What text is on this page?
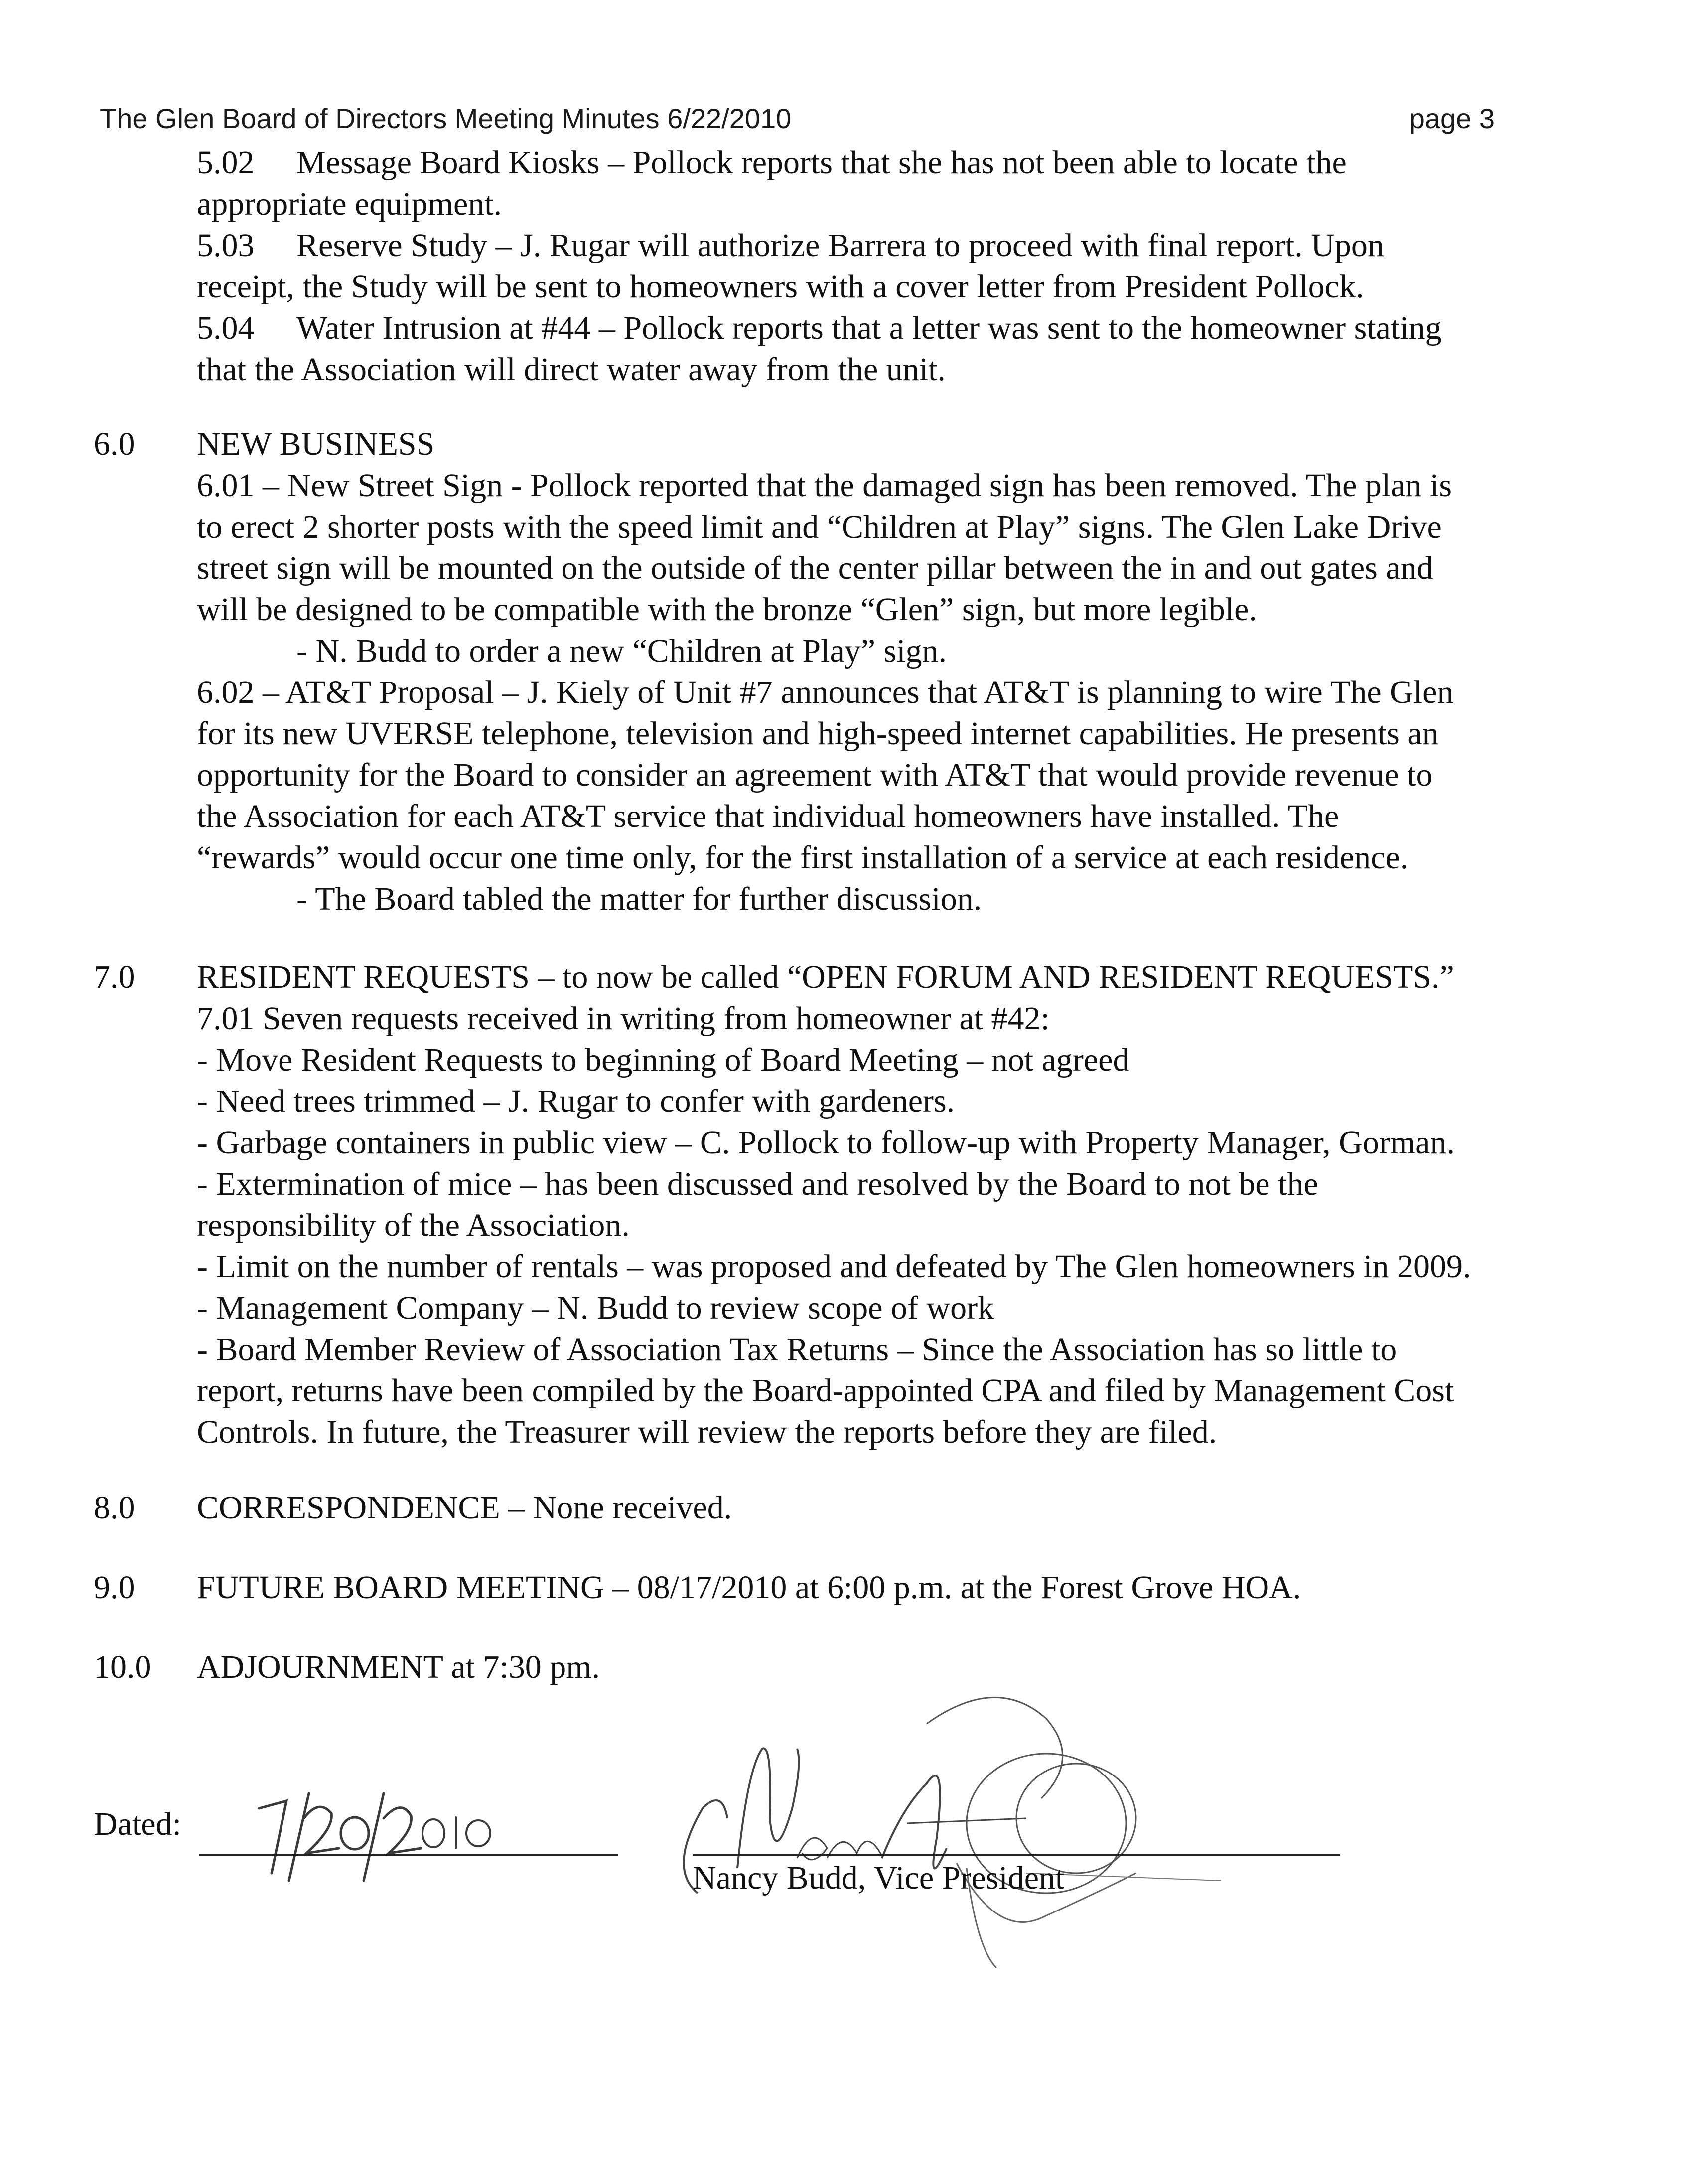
The Glen Board of Directors Meeting Minutes 6/22/2010	page 3
5.02 Message Board Kiosks – Pollock reports that she has not been able to locate the
appropriate equipment.
5.03 Reserve Study – J. Rugar will authorize Barrera to proceed with final report. Upon
receipt, the Study will be sent to homeowners with a cover letter from President Pollock.
5.04 Water Intrusion at #44 – Pollock reports that a letter was sent to the homeowner stating
that the Association will direct water away from the unit.
6.0	NEW BUSINESS
6.01 – New Street Sign - Pollock reported that the damaged sign has been removed. The plan is
to erect 2 shorter posts with the speed limit and “Children at Play” signs. The Glen Lake Drive
street sign will be mounted on the outside of the center pillar between the in and out gates and
will be designed to be compatible with the bronze “Glen” sign, but more legible.
- N. Budd to order a new “Children at Play” sign.
6.02 – AT&T Proposal – J. Kiely of Unit #7 announces that AT&T is planning to wire The Glen
for its new UVERSE telephone, television and high-speed internet capabilities. He presents an
opportunity for the Board to consider an agreement with AT&T that would provide revenue to
the Association for each AT&T service that individual homeowners have installed. The
“rewards” would occur one time only, for the first installation of a service at each residence.
- The Board tabled the matter for further discussion.
7.0	RESIDENT REQUESTS – to now be called “OPEN FORUM AND RESIDENT REQUESTS.”
7.01 Seven requests received in writing from homeowner at #42:
- Move Resident Requests to beginning of Board Meeting – not agreed
- Need trees trimmed – J. Rugar to confer with gardeners.
- Garbage containers in public view – C. Pollock to follow-up with Property Manager, Gorman.
- Extermination of mice – has been discussed and resolved by the Board to not be the
responsibility of the Association.
- Limit on the number of rentals – was proposed and defeated by The Glen homeowners in 2009.
- Management Company – N. Budd to review scope of work
- Board Member Review of Association Tax Returns – Since the Association has so little to
report, returns have been compiled by the Board-appointed CPA and filed by Management Cost
Controls. In future, the Treasurer will review the reports before they are filed.
8.0	CORRESPONDENCE – None received.
9.0	FUTURE BOARD MEETING – 08/17/2010 at 6:00 p.m. at the Forest Grove HOA.
10.0	ADJOURNMENT at 7:30 pm.
Dated:
Nancy Budd, Vice President
